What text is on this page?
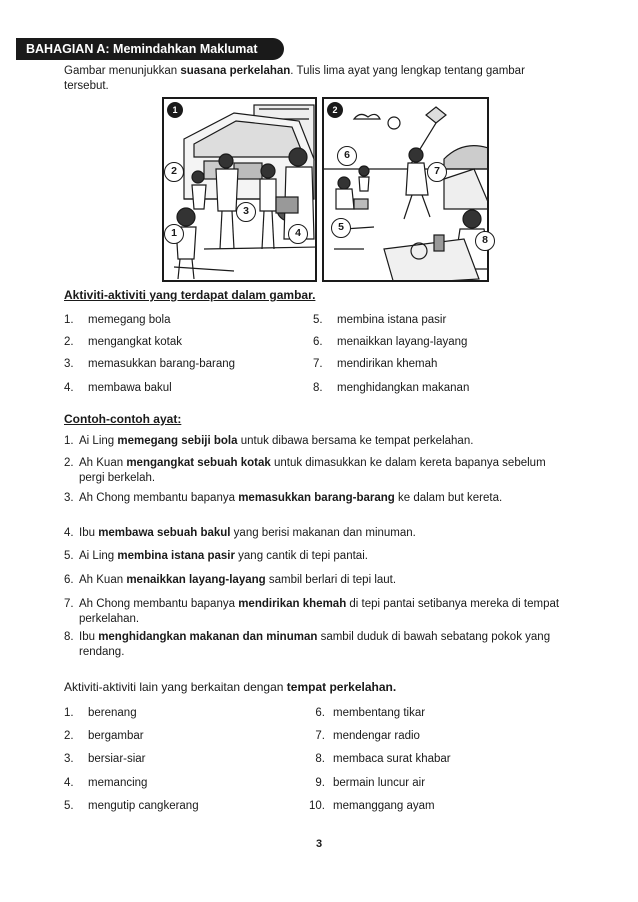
BAHAGIAN A: Memindahkan Maklumat
Gambar menunjukkan suasana perkelahan. Tulis lima ayat yang lengkap tentang gambar tersebut.
1	2
1
2
3
4	5
6
7
8
Aktiviti-aktiviti yang terdapat dalam gambar.
1. memegang bola
2. mengangkat kotak
3. memasukkan barang-barang
4. membawa bakul
5. membina istana pasir
6. menaikkan layang-layang
7. mendirikan khemah
8. menghidangkan makanan
Contoh-contoh ayat:
1. Ai Ling memegang sebiji bola untuk dibawa bersama ke tempat perkelahan.
2. Ah Kuan mengangkat sebuah kotak untuk dimasukkan ke dalam kereta bapanya sebelum pergi berkelah.
3. Ah Chong membantu bapanya memasukkan barang-barang ke dalam but kereta.
4. Ibu membawa sebuah bakul yang berisi makanan dan minuman.
5. Ai Ling membina istana pasir yang cantik di tepi pantai.
6. Ah Kuan menaikkan layang-layang sambil berlari di tepi laut.
7. Ah Chong membantu bapanya mendirikan khemah di tepi pantai setibanya mereka di tempat perkelahan.
8. Ibu menghidangkan makanan dan minuman sambil duduk di bawah sebatang pokok yang rendang.
Aktiviti-aktiviti lain yang berkaitan dengan tempat perkelahan.
1. berenang
2. bergambar
3. bersiar-siar
4. memancing
5. mengutip cangkerang
6. membentang tikar
7. mendengar radio
8. membaca surat khabar
9. bermain luncur air
10. memanggang ayam
3
